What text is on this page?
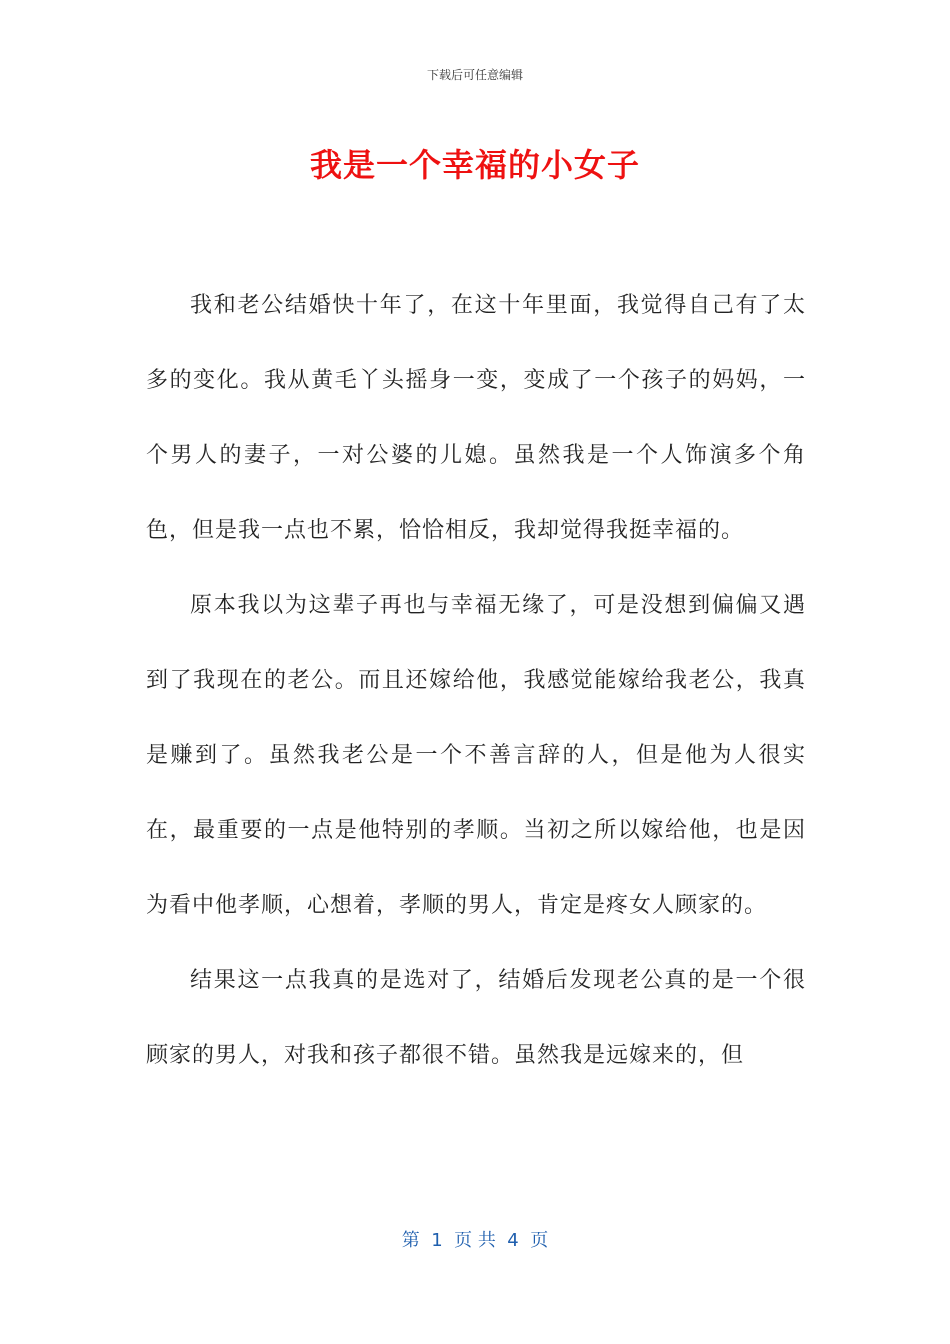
下载后可任意编辑
我是一个幸福的小女子

我和老公结婚快十年了，在这十年里面，我觉得自己有了太多的变化。我从黄毛丫头摇身一变，变成了一个孩子的妈妈，一个男人的妻子，一对公婆的儿媳。虽然我是一个人饰演多个角色，但是我一点也不累，恰恰相反，我却觉得我挺幸福的。

原本我以为这辈子再也与幸福无缘了，可是没想到偏偏又遇到了我现在的老公。而且还嫁给他，我感觉能嫁给我老公，我真是赚到了。虽然我老公是一个不善言辞的人，但是他为人很实在，最重要的一点是他特别的孝顺。当初之所以嫁给他，也是因为看中他孝顺，心想着，孝顺的男人，肯定是疼女人顾家的。

结果这一点我真的是选对了，结婚后发现老公真的是一个很顾家的男人，对我和孩子都很不错。虽然我是远嫁来的，但

第  1  页 共  4  页
